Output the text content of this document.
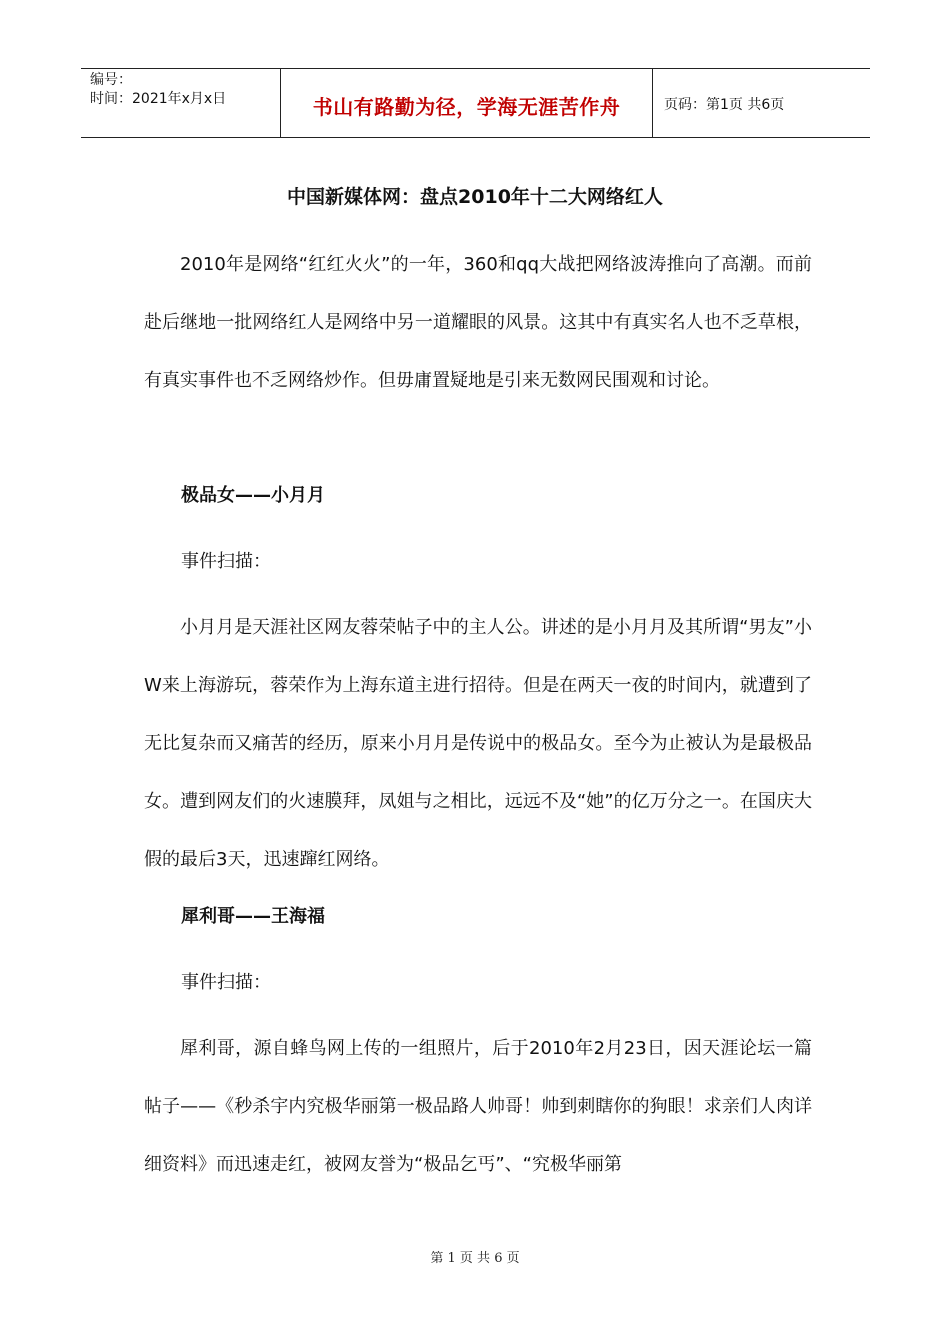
编号：
时间：2021年x月x日	书山有路勤为径，学海无涯苦作舟	页码：第1页 共6页
中国新媒体网：盘点2010年十二大网络红人

2010年是网络“红红火火”的一年，360和qq大战把网络波涛推向了高潮。而前赴后继地一批网络红人是网络中另一道耀眼的风景。这其中有真实名人也不乏草根，有真实事件也不乏网络炒作。但毋庸置疑地是引来无数网民围观和讨论。

极品女——小月月

事件扫描：

小月月是天涯社区网友蓉荣帖子中的主人公。讲述的是小月月及其所谓“男友”小W来上海游玩，蓉荣作为上海东道主进行招待。但是在两天一夜的时间内，就遭到了无比复杂而又痛苦的经历，原来小月月是传说中的极品女。至今为止被认为是最极品女。遭到网友们的火速膜拜，凤姐与之相比，远远不及“她”的亿万分之一。在国庆大假的最后3天，迅速蹿红网络。

犀利哥——王海福

事件扫描：

犀利哥，源自蜂鸟网上传的一组照片，后于2010年2月23日，因天涯论坛一篇帖子——《秒杀宇内究极华丽第一极品路人帅哥！帅到刺瞎你的狗眼！求亲们人肉详细资料》而迅速走红，被网友誉为“极品乞丐”、“究极华丽第

第 1 页 共 6 页
